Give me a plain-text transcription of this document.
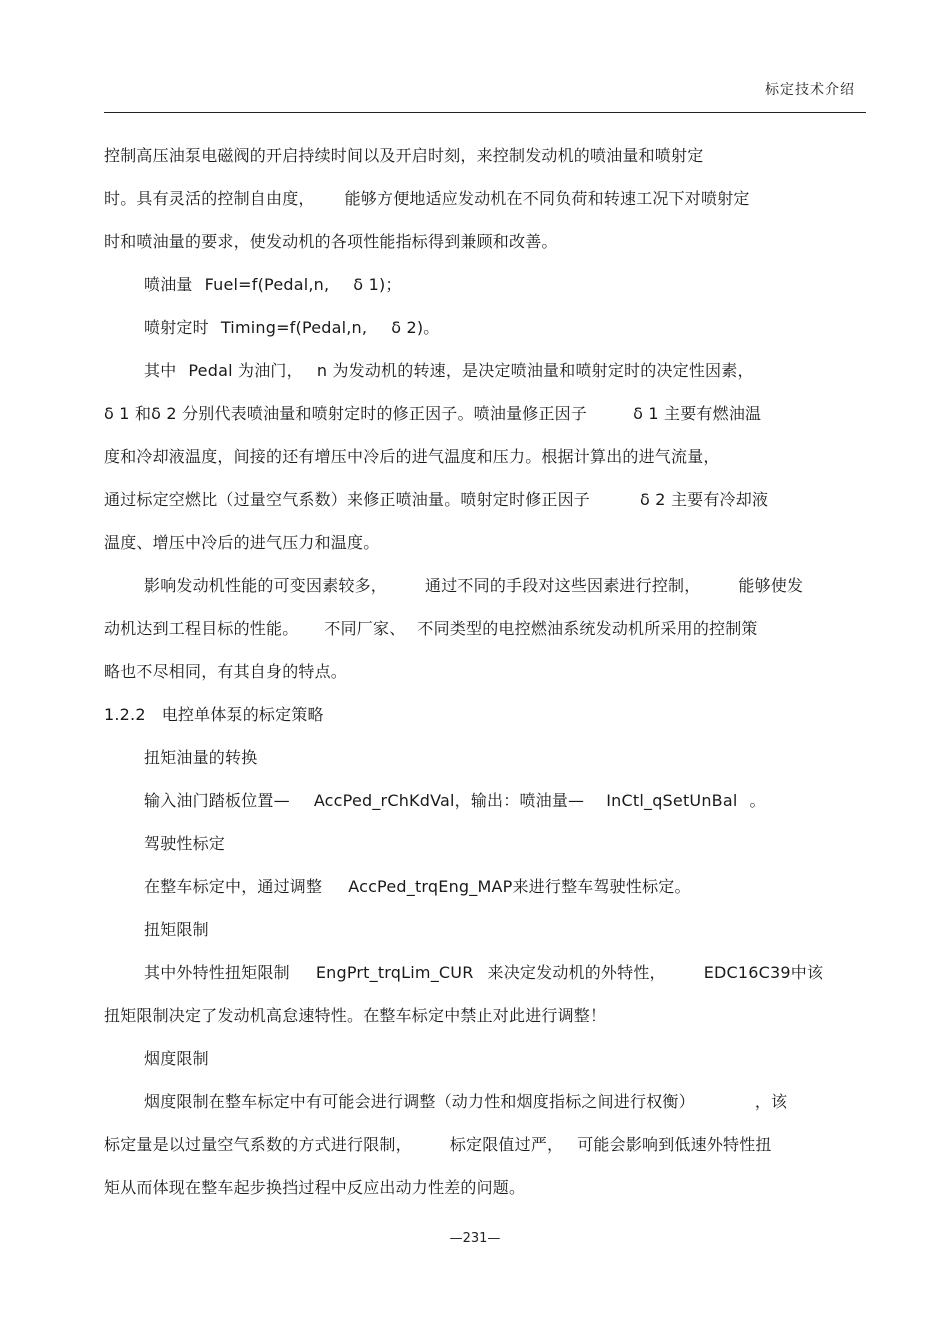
标定技术介绍
控制高压油泵电磁阀的开启持续时间以及开启时刻，来控制发动机的喷油量和喷射定
时。具有灵活的控制自由度， 能够方便地适应发动机在不同负荷和转速工况下对喷射定
时和喷油量的要求，使发动机的各项性能指标得到兼顾和改善。
喷油量 Fuel=f(Pedal,n, δ 1)；
喷射定时 Timing=f(Pedal,n, δ 2)。
其中 Pedal 为油门， n 为发动机的转速，是决定喷油量和喷射定时的决定性因素，
δ 1 和δ 2 分别代表喷油量和喷射定时的修正因子。喷油量修正因子	δ 1 主要有燃油温
度和冷却液温度，间接的还有增压中冷后的进气温度和压力。根据计算出的进气流量，
通过标定空燃比（过量空气系数）来修正喷油量。喷射定时修正因子	δ 2 主要有冷却液
温度、增压中冷后的进气压力和温度。
影响发动机性能的可变因素较多， 通过不同的手段对这些因素进行控制， 能够使发
动机达到工程目标的性能。 不同厂家、 不同类型的电控燃油系统发动机所采用的控制策
略也不尽相同，有其自身的特点。
1.2.2 电控单体泵的标定策略
扭矩油量的转换
输入油门踏板位置— AccPed_rChKdVal，输出：喷油量— InCtl_qSetUnBal 。
驾驶性标定
在整车标定中，通过调整 AccPed_trqEng_MAP来进行整车驾驶性标定。
扭矩限制
其中外特性扭矩限制 EngPrt_trqLim_CUR 来决定发动机的外特性， EDC16C39中该
扭矩限制决定了发动机高怠速特性。在整车标定中禁止对此进行调整！
烟度限制
烟度限制在整车标定中有可能会进行调整（动力性和烟度指标之间进行权衡）	，该
标定量是以过量空气系数的方式进行限制， 标定限值过严， 可能会影响到低速外特性扭
矩从而体现在整车起步换挡过程中反应出动力性差的问题。
—231—
